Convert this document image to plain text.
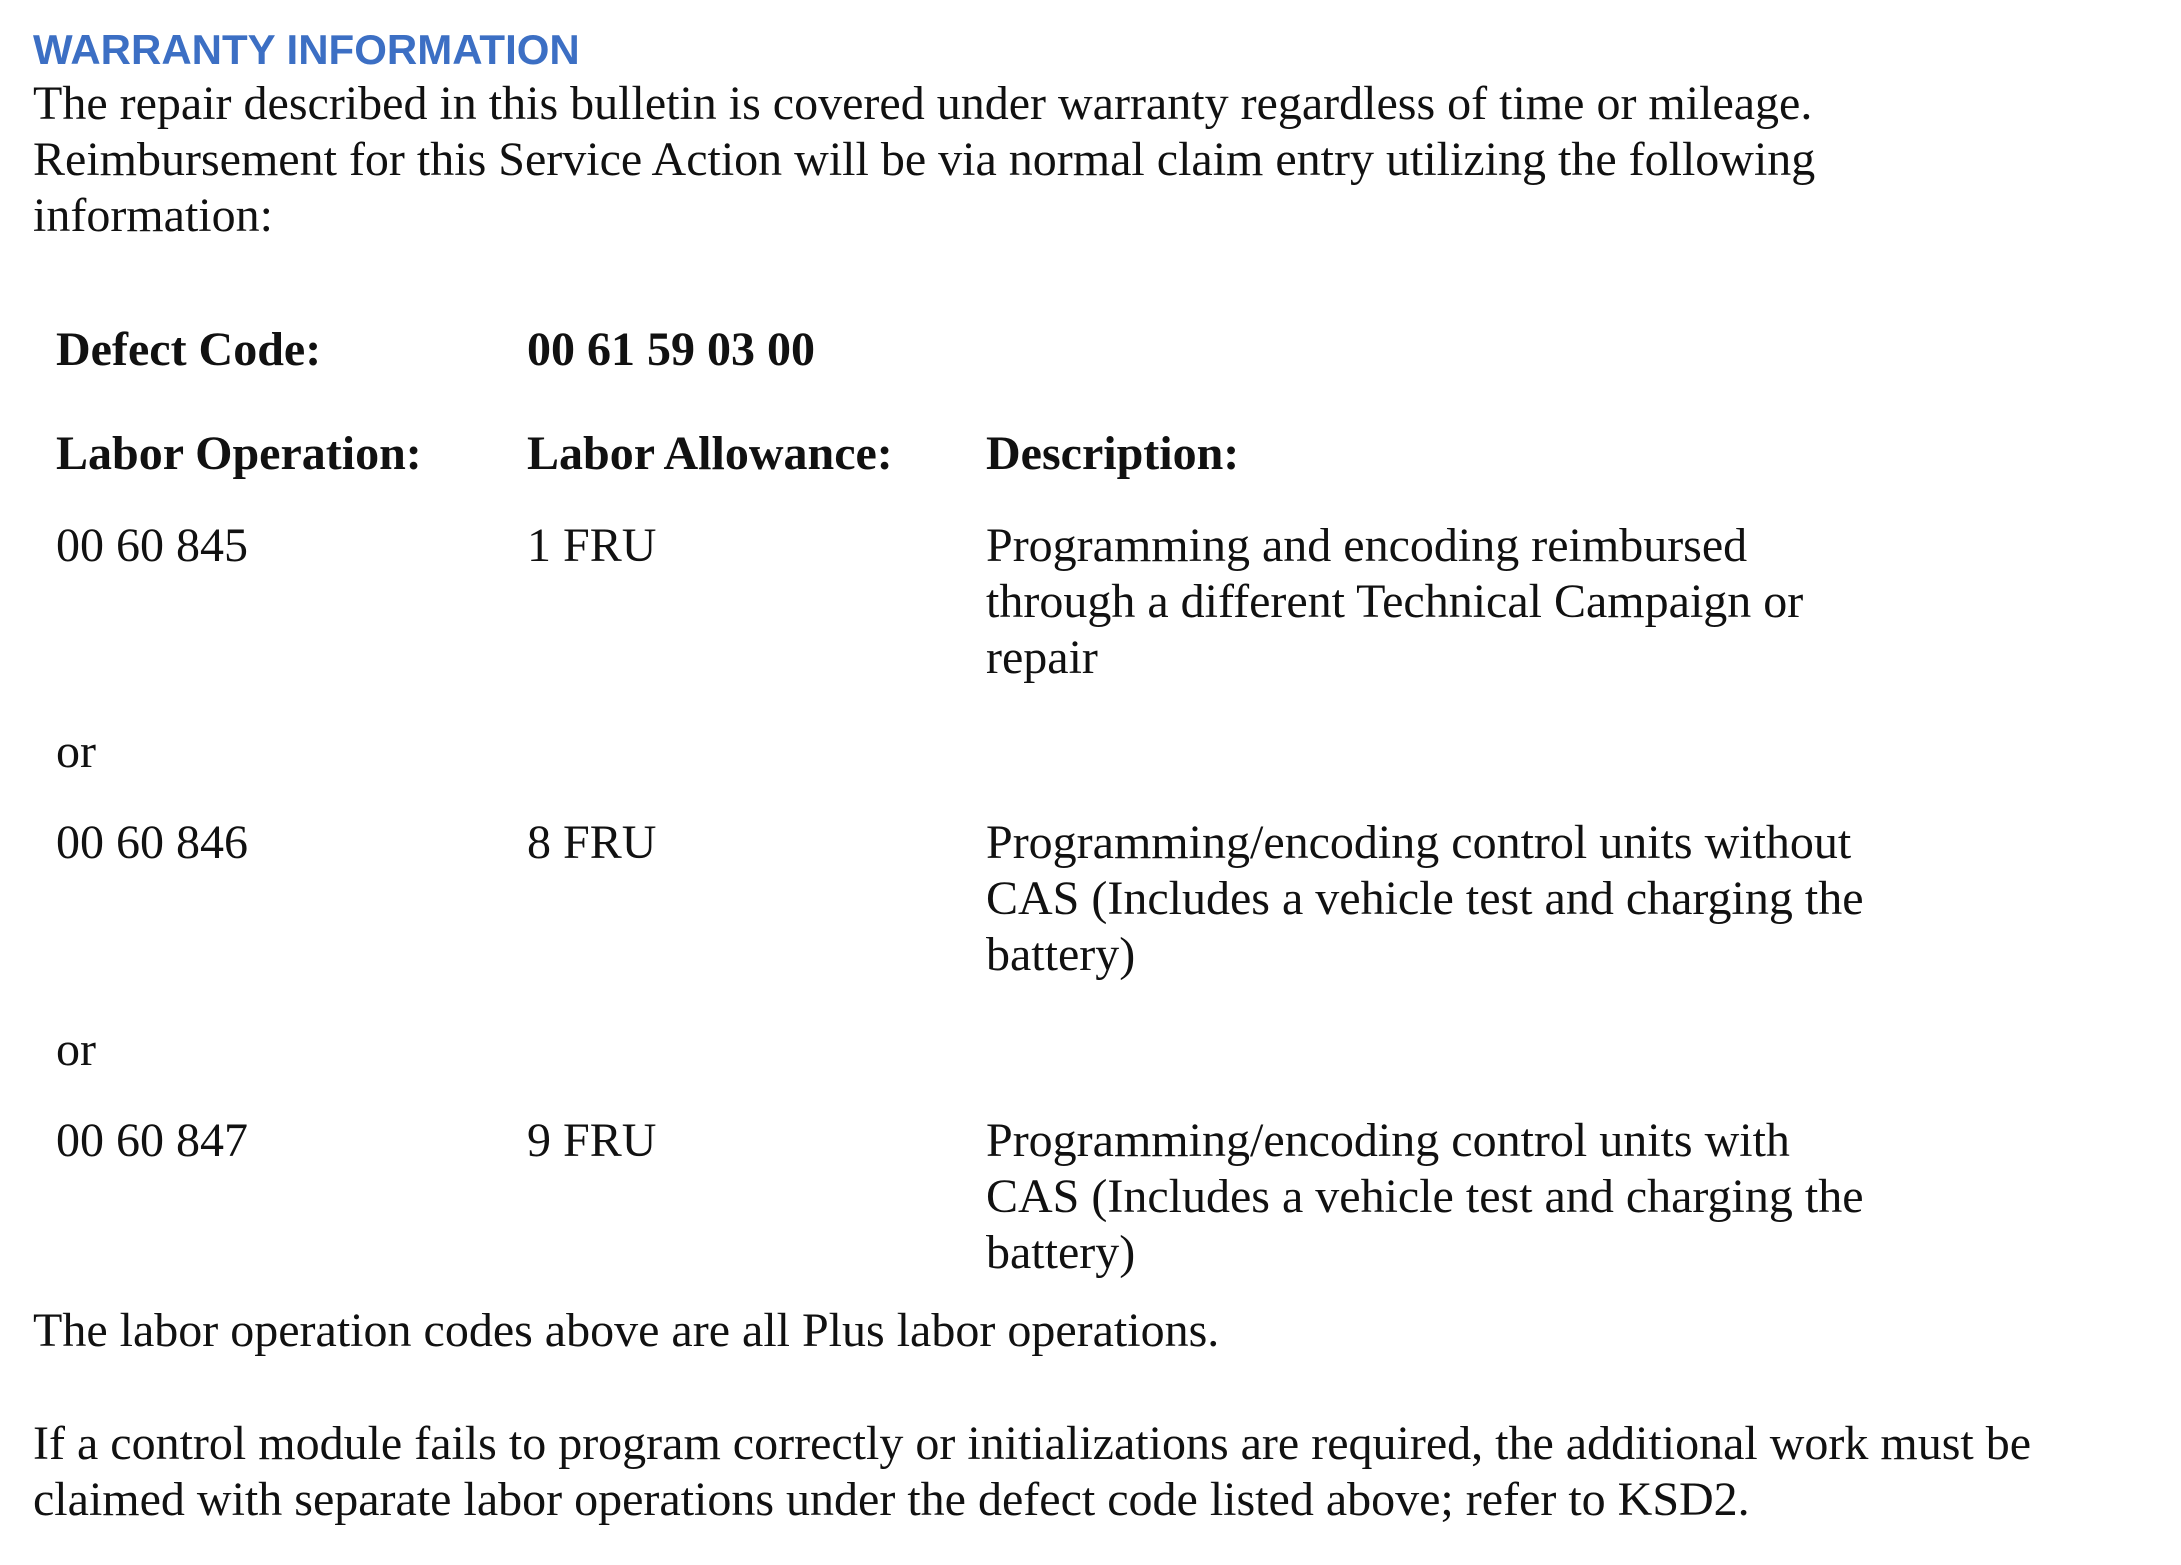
WARRANTY INFORMATION
The repair described in this bulletin is covered under warranty regardless of time or mileage.
Reimbursement for this Service Action will be via normal claim entry utilizing the following
information:
Defect Code:	00 61 59 03 00
Labor Operation: Labor Allowance: Description:
00 60 845	1 FRU	Programming and encoding reimbursed
through a different Technical Campaign or
repair
or
00 60 846	8 FRU	Programming/encoding control units without
CAS (Includes a vehicle test and charging the
battery)
or
00 60 847	9 FRU	Programming/encoding control units with
CAS (Includes a vehicle test and charging the
battery)
The labor operation codes above are all Plus labor operations.
If a control module fails to program correctly or initializations are required, the additional work must be
claimed with separate labor operations under the defect code listed above; refer to KSD2.
